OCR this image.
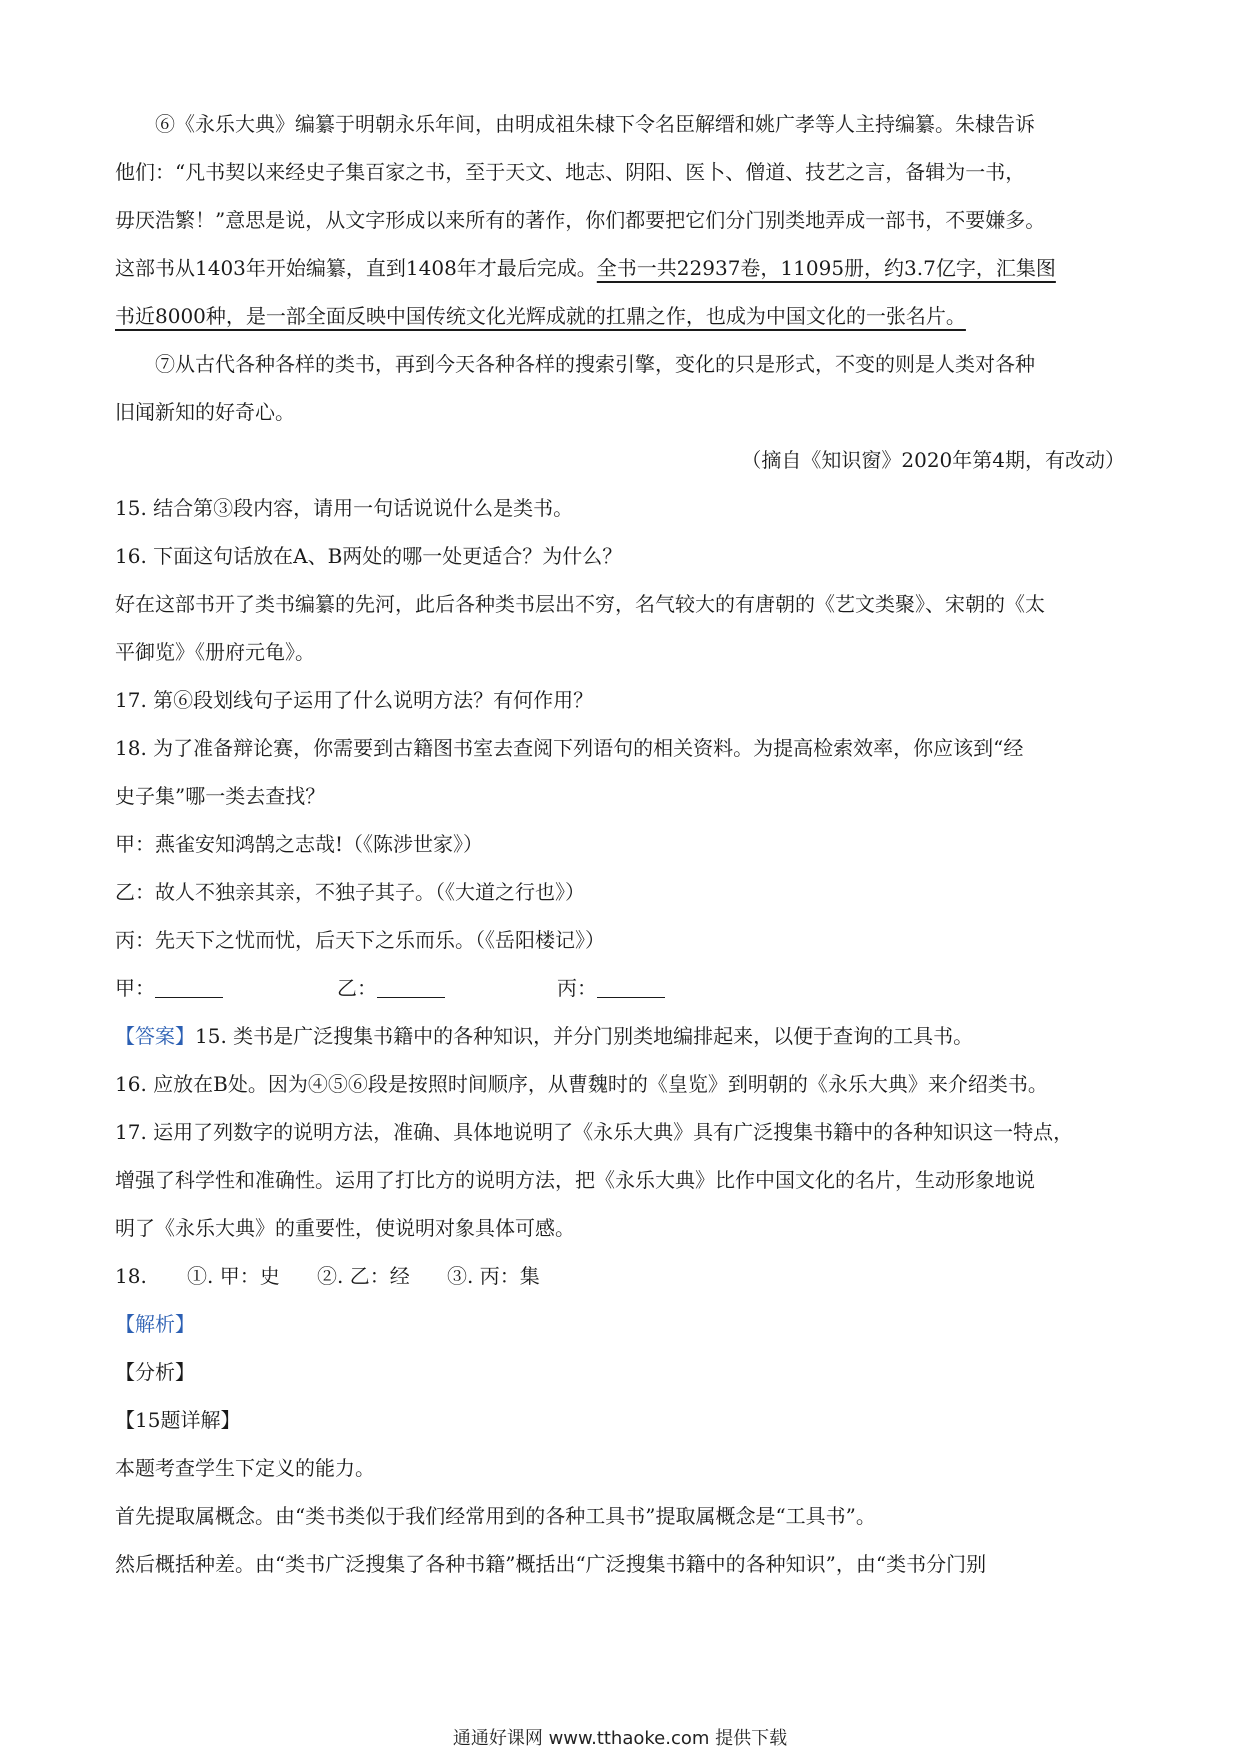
⑥《永乐大典》编纂于明朝永乐年间，由明成祖朱棣下令名臣解缙和姚广孝等人主持编纂。朱棣告诉
他们：“凡书契以来经史子集百家之书，至于天文、地志、阴阳、医卜、僧道、技艺之言，备辑为一书，
毋厌浩繁！”意思是说，从文字形成以来所有的著作，你们都要把它们分门别类地弄成一部书，不要嫌多。
这部书从1403年开始编纂，直到1408年才最后完成。全书一共22937卷，11095册，约3.7亿字，汇集图
书近8000种，是一部全面反映中国传统文化光辉成就的扛鼎之作，也成为中国文化的一张名片。
⑦从古代各种各样的类书，再到今天各种各样的搜索引擎，变化的只是形式，不变的则是人类对各种
旧闻新知的好奇心。
（摘自《知识窗》2020年第4期，有改动）
15. 结合第③段内容，请用一句话说说什么是类书。
16. 下面这句话放在A、B两处的哪一处更适合？为什么？
好在这部书开了类书编纂的先河，此后各种类书层出不穷，名气较大的有唐朝的《艺文类聚》、宋朝的《太
平御览》《册府元龟》。
17. 第⑥段划线句子运用了什么说明方法？有何作用？
18. 为了准备辩论赛，你需要到古籍图书室去查阅下列语句的相关资料。为提高检索效率，你应该到“经
史子集”哪一类去查找？
甲：燕雀安知鸿鹄之志哉!（《陈涉世家》）
乙：故人不独亲其亲，不独子其子。（《大道之行也》）
丙：先天下之忧而忧，后天下之乐而乐。（《岳阳楼记》）
甲：	乙：	丙：
【答案】15. 类书是广泛搜集书籍中的各种知识，并分门别类地编排起来，以便于查询的工具书。
16. 应放在B处。因为④⑤⑥段是按照时间顺序，从曹魏时的《皇览》到明朝的《永乐大典》来介绍类书。
17. 运用了列数字的说明方法，准确、具体地说明了《永乐大典》具有广泛搜集书籍中的各种知识这一特点，
增强了科学性和准确性。运用了打比方的说明方法，把《永乐大典》比作中国文化的名片，生动形象地说
明了《永乐大典》的重要性，使说明对象具体可感。
18. ①. 甲：史 ②. 乙：经 ③. 丙：集
【解析】
【分析】
【15题详解】
本题考查学生下定义的能力。
首先提取属概念。由“类书类似于我们经常用到的各种工具书”提取属概念是“工具书”。
然后概括种差。由“类书广泛搜集了各种书籍”概括出“广泛搜集书籍中的各种知识”，由“类书分门别
通通好课网 www.tthaoke.com 提供下载
